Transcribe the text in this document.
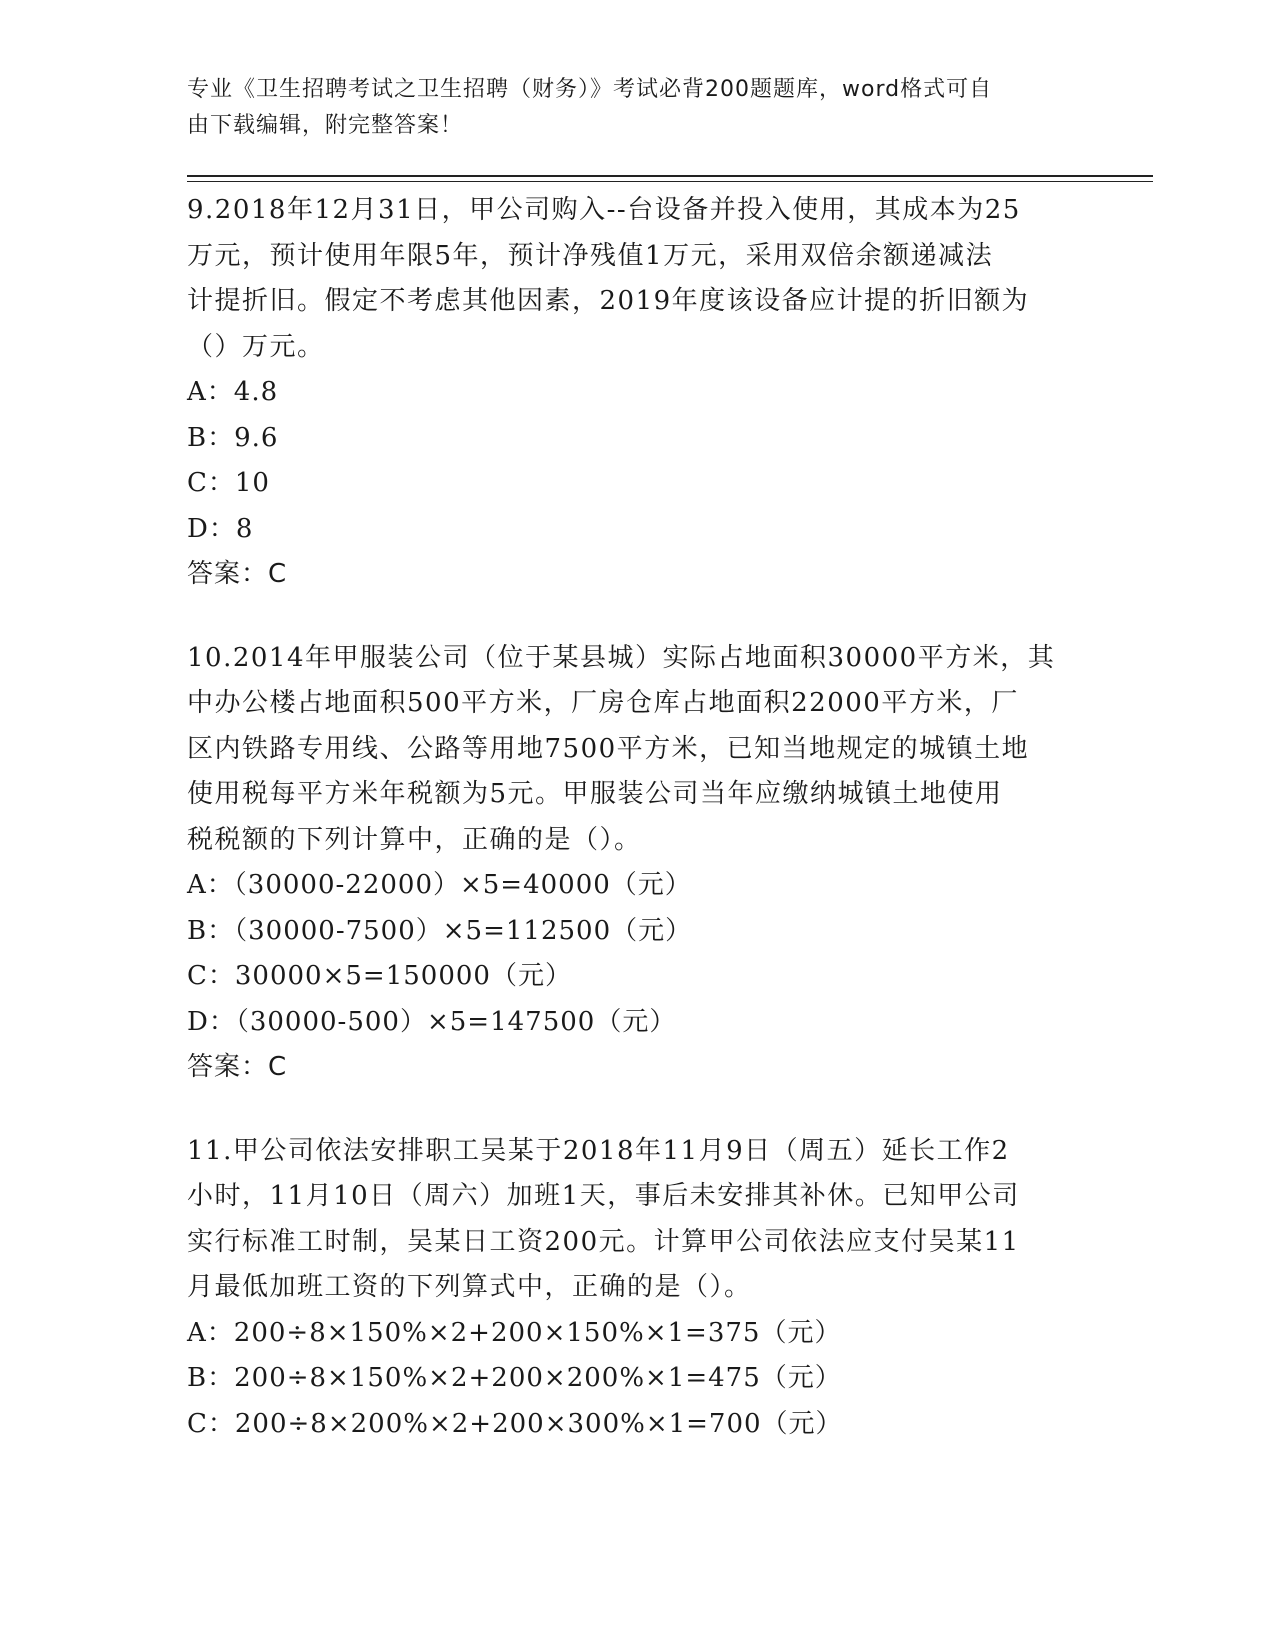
专业《卫生招聘考试之卫生招聘（财务）》考试必背200题题库，word格式可自
由下载编辑，附完整答案！

9.2018年12月31日，甲公司购入--台设备并投入使用，其成本为25
万元，预计使用年限5年，预计净残值1万元，采用双倍余额递减法
计提折旧。假定不考虑其他因素，2019年度该设备应计提的折旧额为
（）万元。

A：4.8

B：9.6

C：10

D：8

答案：C

10.2014年甲服装公司（位于某县城）实际占地面积30000平方米，其
中办公楼占地面积500平方米，厂房仓库占地面积22000平方米，厂
区内铁路专用线、公路等用地7500平方米，已知当地规定的城镇土地
使用税每平方米年税额为5元。甲服装公司当年应缴纳城镇土地使用
税税额的下列计算中，正确的是（）。

A：（30000-22000）×5=40000（元）

B：（30000-7500）×5=112500（元）

C：30000×5=150000（元）

D：（30000-500）×5=147500（元）

答案：C

11.甲公司依法安排职工吴某于2018年11月9日（周五）延长工作2
小时，11月10日（周六）加班1天，事后未安排其补休。已知甲公司
实行标准工时制，吴某日工资200元。计算甲公司依法应支付吴某11
月最低加班工资的下列算式中，正确的是（）。

A：200÷8×150%×2+200×150%×1=375（元）

B：200÷8×150%×2+200×200%×1=475（元）

C：200÷8×200%×2+200×300%×1=700（元）
